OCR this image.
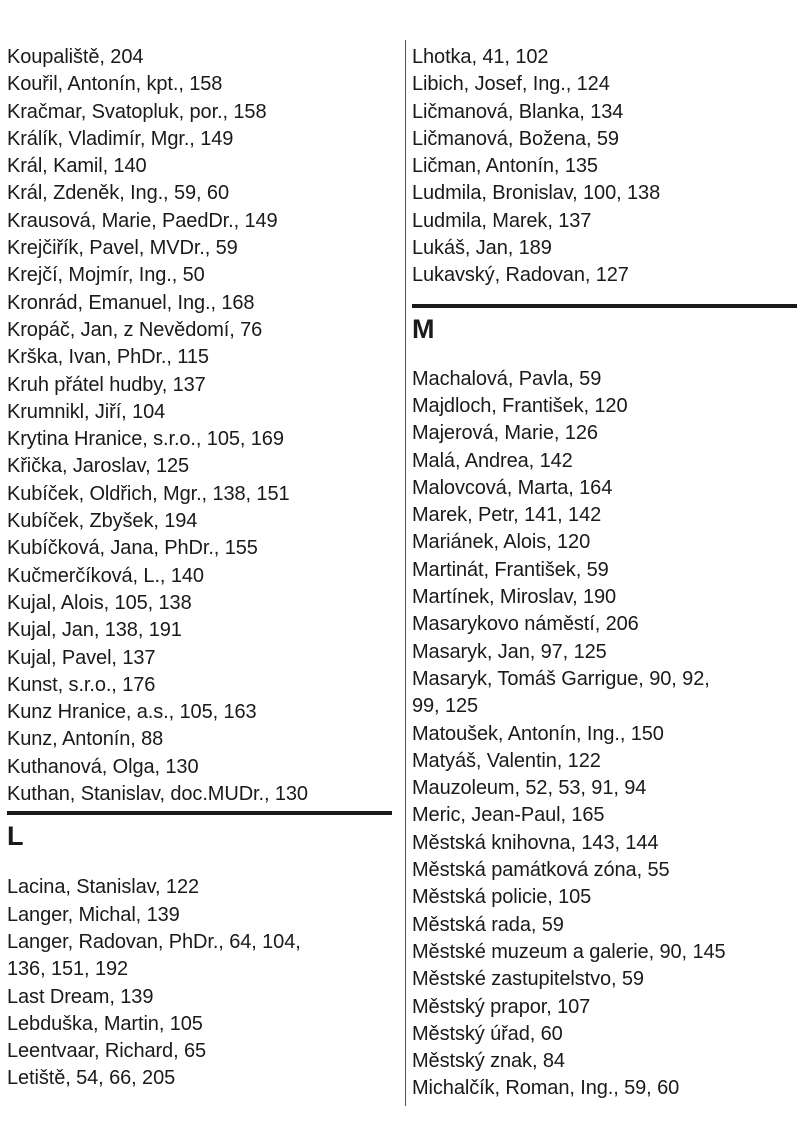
Koupaliště, 204
Kouřil, Antonín, kpt., 158
Kračmar, Svatopluk, por., 158
Králík, Vladimír, Mgr., 149
Král, Kamil, 140
Král, Zdeněk, Ing., 59, 60
Krausová, Marie, PaedDr., 149
Krejčiřík, Pavel, MVDr., 59
Krejčí, Mojmír, Ing., 50
Kronrád, Emanuel, Ing., 168
Kropáč, Jan, z Nevědomí, 76
Krška, Ivan, PhDr., 115
Kruh přátel hudby, 137
Krumnikl, Jiří, 104
Krytina Hranice, s.r.o., 105, 169
Křička, Jaroslav, 125
Kubíček, Oldřich, Mgr., 138, 151
Kubíček, Zbyšek, 194
Kubíčková, Jana, PhDr., 155
Kučmerčíková, L., 140
Kujal, Alois, 105, 138
Kujal, Jan, 138, 191
Kujal, Pavel, 137
Kunst, s.r.o., 176
Kunz Hranice, a.s., 105, 163
Kunz, Antonín, 88
Kuthanová, Olga, 130
Kuthan, Stanislav, doc.MUDr., 130
L
Lacina, Stanislav, 122
Langer, Michal, 139
Langer, Radovan, PhDr., 64, 104,
136, 151, 192
Last Dream, 139
Lebduška, Martin, 105
Leentvaar, Richard, 65
Letiště, 54, 66, 205
Lhotka, 41, 102
Libich, Josef, Ing., 124
Ličmanová, Blanka, 134
Ličmanová, Božena, 59
Ličman, Antonín, 135
Ludmila, Bronislav, 100, 138
Ludmila, Marek, 137
Lukáš, Jan, 189
Lukavský, Radovan, 127
M
Machalová, Pavla, 59
Majdloch, František, 120
Majerová, Marie, 126
Malá, Andrea, 142
Malovcová, Marta, 164
Marek, Petr, 141, 142
Mariánek, Alois, 120
Martinát, František, 59
Martínek, Miroslav, 190
Masarykovo náměstí, 206
Masaryk, Jan, 97, 125
Masaryk, Tomáš Garrigue, 90, 92,
99, 125
Matoušek, Antonín, Ing., 150
Matyáš, Valentin, 122
Mauzoleum, 52, 53, 91, 94
Meric, Jean-Paul, 165
Městská knihovna, 143, 144
Městská památková zóna, 55
Městská policie, 105
Městská rada, 59
Městské muzeum a galerie, 90, 145
Městské zastupitelstvo, 59
Městský prapor, 107
Městský úřad, 60
Městský znak, 84
Michalčík, Roman, Ing., 59, 60
